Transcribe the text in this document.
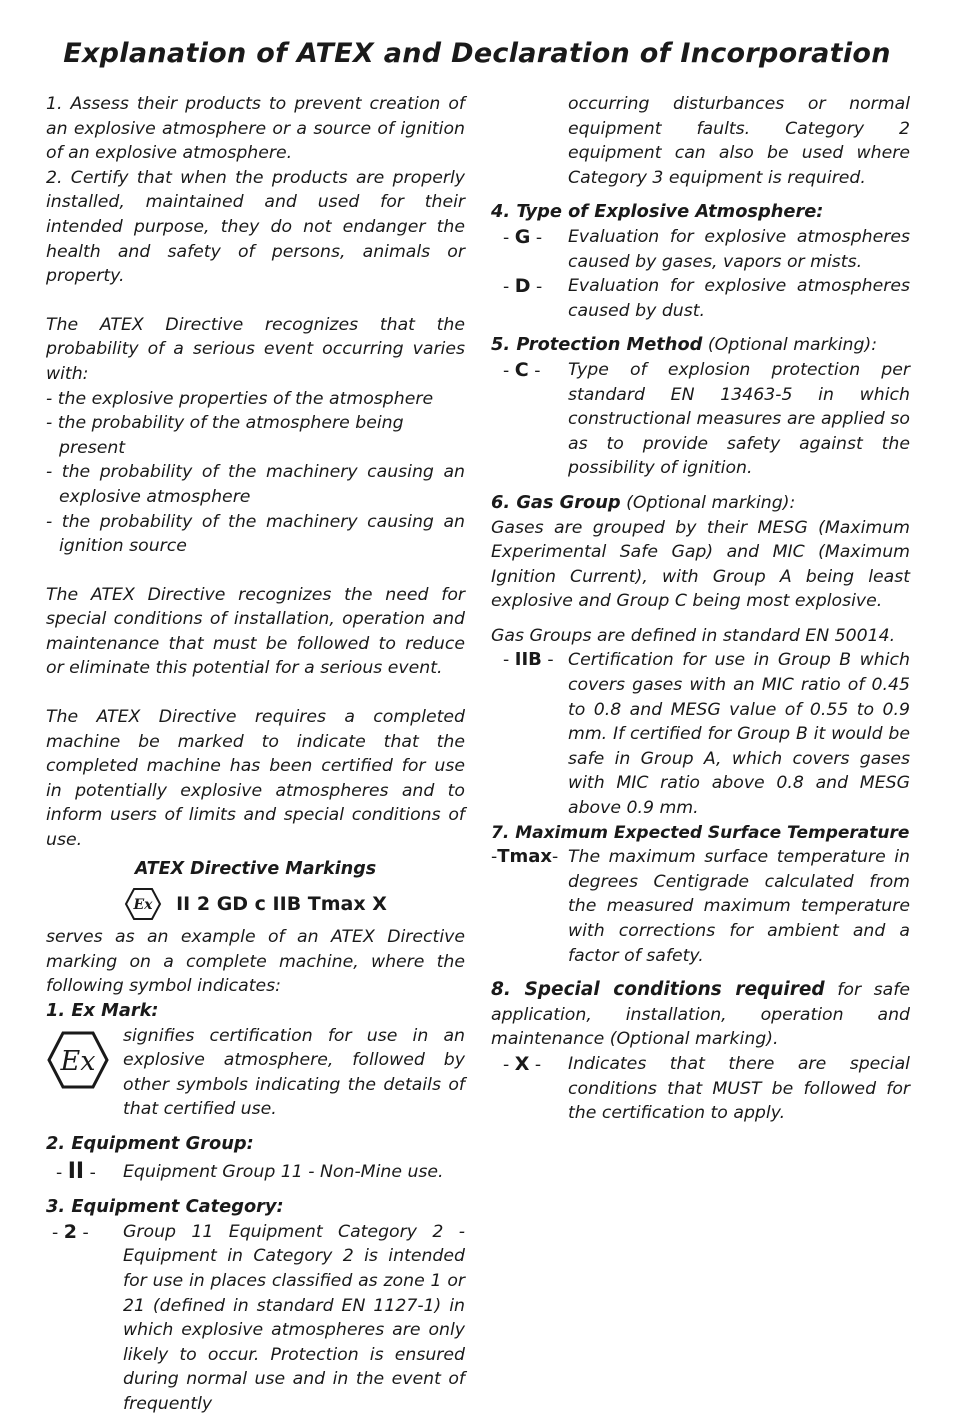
Explanation of ATEX and Declaration of Incorporation

1. Assess their products to prevent creation of an explosive atmosphere or a source of ignition of an explosive atmosphere.

2. Certify that when the products are properly installed, maintained and used for their intended purpose, they do not endanger the health and safety of persons, animals or property.

The ATEX Directive recognizes that the probability of a serious event occurring varies with:

- the explosive properties of the atmosphere

- the probability of the atmosphere being present

- the probability of the machinery causing an explosive atmosphere

- the probability of the machinery causing an ignition source

The ATEX Directive recognizes the need for special conditions of installation, operation and maintenance that must be followed to reduce or eliminate this potential for a serious event.

The ATEX Directive requires a completed machine be marked to indicate that the completed machine has been certified for use in potentially explosive atmospheres and to inform users of limits and special conditions of use.

ATEX Directive Markings

Ex II 2 GD c IIB Tmax X

serves as an example of an ATEX Directive marking on a complete machine, where the following symbol indicates:

1. Ex Mark:

Ex

signifies certification for use in an explosive atmosphere, followed by other symbols indicating the details of that certified use.

2. Equipment Group:

- II -	Equipment Group 11 - Non-Mine use.

3. Equipment Category:

- 2 -	Group 11 Equipment Category 2 - Equipment in Category 2 is intended for use in places classified as zone 1 or 21 (defined in standard EN 1127-1) in which explosive atmospheres are only likely to occur. Protection is ensured during normal use and in the event of frequently

occurring disturbances or normal equipment faults. Category 2 equipment can also be used where Category 3 equipment is required.

4. Type of Explosive Atmosphere:

- G -	Evaluation for explosive atmospheres caused by gases, vapors or mists.
- D -	Evaluation for explosive atmospheres caused by dust.

5. Protection Method (Optional marking):

- C -	Type of explosion protection per standard EN 13463-5 in which constructional measures are applied so as to provide safety against the possibility of ignition.

6. Gas Group (Optional marking):

Gases are grouped by their MESG (Maximum Experimental Safe Gap) and MIC (Maximum Ignition Current), with Group A being least explosive and Group C being most explosive.

Gas Groups are defined in standard EN 50014.

- IIB - Certification for use in Group B which covers gases with an MIC ratio of 0.45 to 0.8 and MESG value of 0.55 to 0.9 mm. If certified for Group B it would be safe in Group A, which covers gases with MIC ratio above 0.8 and MESG above 0.9 mm.

7. Maximum Expected Surface Temperature

-Tmax- The maximum surface temperature in degrees Centigrade calculated from the measured maximum temperature with corrections for ambient and a factor of safety.

8. Special conditions required for safe application, installation, operation and maintenance (Optional marking).

- X -	Indicates that there are special conditions that MUST be followed for the certification to apply.
